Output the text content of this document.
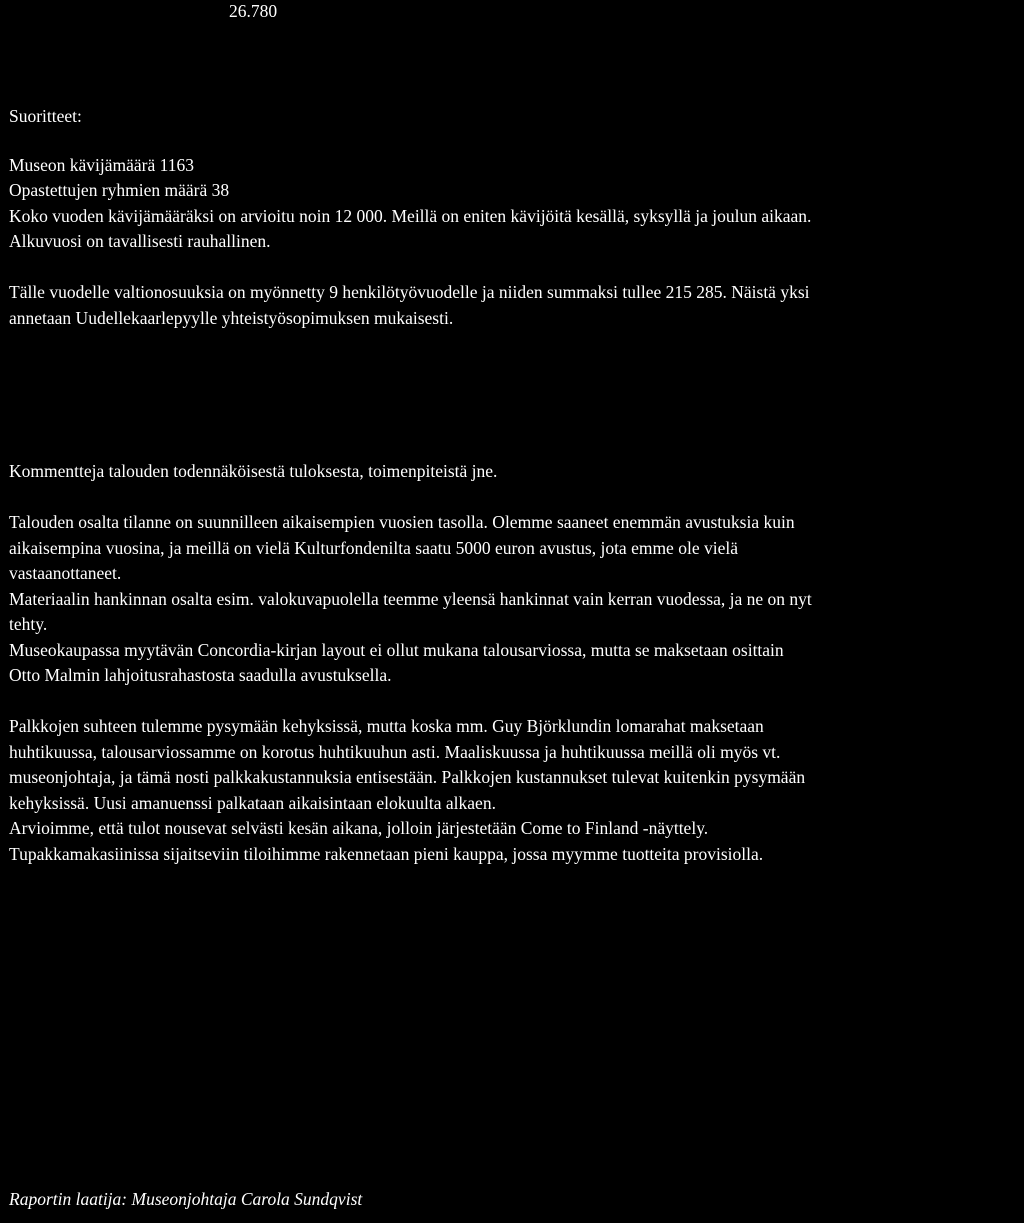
26.780
Suoritteet:
Museon kävijämäärä 1163
Opastettujen ryhmien määrä 38
Koko vuoden kävijämääräksi on arvioitu noin 12 000. Meillä on eniten kävijöitä kesällä, syksyllä ja joulun aikaan.
Alkuvuosi on tavallisesti rauhallinen.
Tälle vuodelle valtionosuuksia on myönnetty 9 henkilötyövuodelle ja niiden summaksi tullee 215 285. Näistä yksi
annetaan Uudellekaarlepyylle yhteistyösopimuksen mukaisesti.
Kommentteja talouden todennäköisestä tuloksesta, toimenpiteistä jne.
Talouden osalta tilanne on suunnilleen aikaisempien vuosien tasolla. Olemme saaneet enemmän avustuksia kuin
aikaisempina vuosina, ja meillä on vielä Kulturfondenilta saatu 5000 euron avustus, jota emme ole vielä
vastaanottaneet.
Materiaalin hankinnan osalta esim. valokuvapuolella teemme yleensä hankinnat vain kerran vuodessa, ja ne on nyt
tehty.
Museokaupassa myytävän Concordia-kirjan layout ei ollut mukana talousarviossa, mutta se maksetaan osittain
Otto Malmin lahjoitusrahastosta saadulla avustuksella.
Palkkojen suhteen tulemme pysymään kehyksissä, mutta koska mm. Guy Björklundin lomarahat maksetaan
huhtikuussa, talousarviossamme on korotus huhtikuuhun asti. Maaliskuussa ja huhtikuussa meillä oli myös vt.
museonjohtaja, ja tämä nosti palkkakustannuksia entisestään. Palkkojen kustannukset tulevat kuitenkin pysymään
kehyksissä. Uusi amanuenssi palkataan aikaisintaan elokuulta alkaen.
Arvioimme, että tulot nousevat selvästi kesän aikana, jolloin järjestetään Come to Finland -näyttely.
Tupakkamakasiinissa sijaitseviin tiloihimme rakennetaan pieni kauppa, jossa myymme tuotteita provisiolla.
Raportin laatija: Museonjohtaja Carola Sundqvist
